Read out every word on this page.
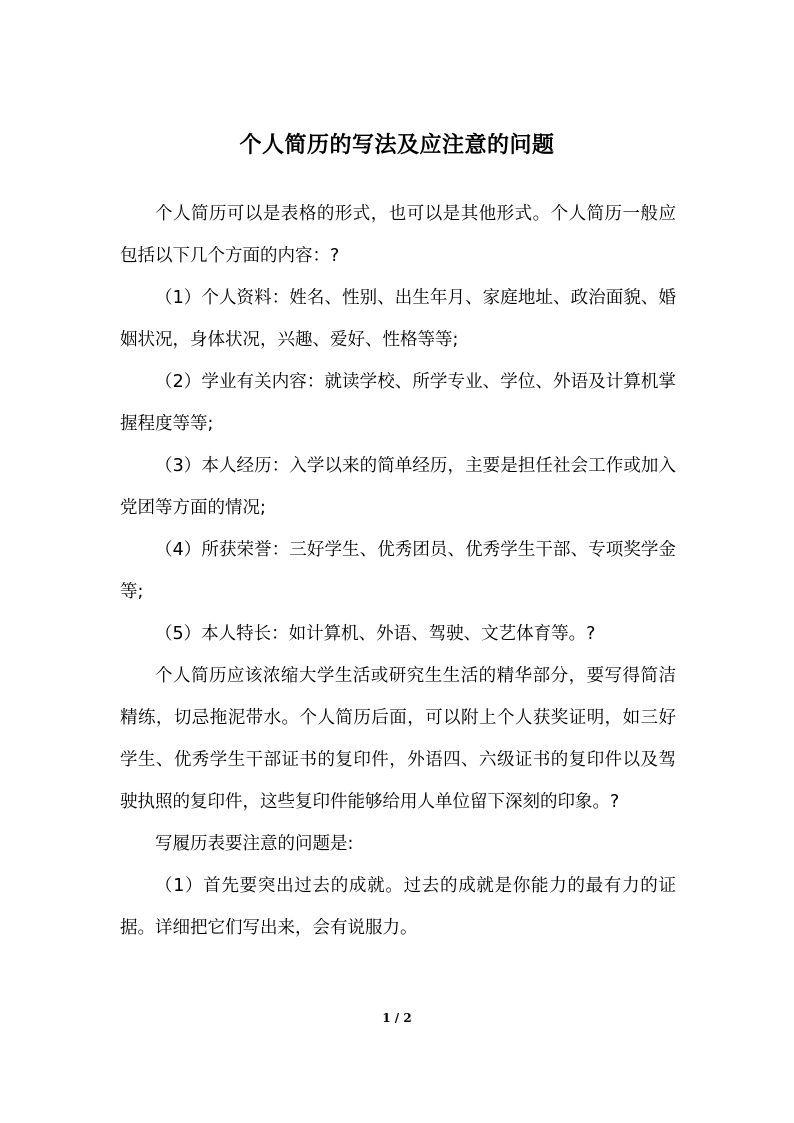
个人简历的写法及应注意的问题

个人简历可以是表格的形式，也可以是其他形式。个人简历一般应包括以下几个方面的内容：?

（1）个人资料：姓名、性别、出生年月、家庭地址、政治面貌、婚姻状况，身体状况，兴趣、爱好、性格等等;

（2）学业有关内容：就读学校、所学专业、学位、外语及计算机掌握程度等等;

（3）本人经历：入学以来的简单经历，主要是担任社会工作或加入党团等方面的情况;

（4）所获荣誉：三好学生、优秀团员、优秀学生干部、专项奖学金等;

（5）本人特长：如计算机、外语、驾驶、文艺体育等。?

个人简历应该浓缩大学生活或研究生生活的精华部分，要写得简洁精练，切忌拖泥带水。个人简历后面，可以附上个人获奖证明，如三好学生、优秀学生干部证书的复印件，外语四、六级证书的复印件以及驾驶执照的复印件，这些复印件能够给用人单位留下深刻的印象。?

写履历表要注意的问题是:

（1）首先要突出过去的成就。过去的成就是你能力的最有力的证据。详细把它们写出来，会有说服力。

1 / 2
